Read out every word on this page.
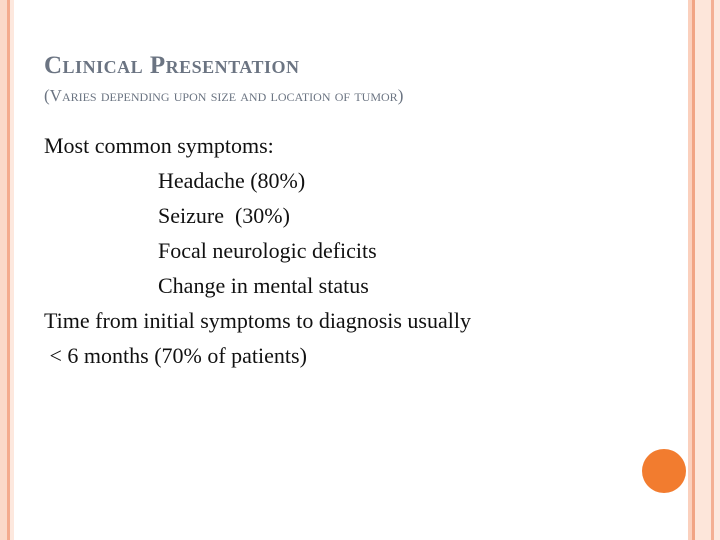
Clinical Presentation
(Varies depending upon size and location of tumor)
Most common symptoms:
Headache (80%)
Seizure  (30%)
Focal neurologic deficits
Change in mental status
Time from initial symptoms to diagnosis usually
< 6 months (70% of patients)
